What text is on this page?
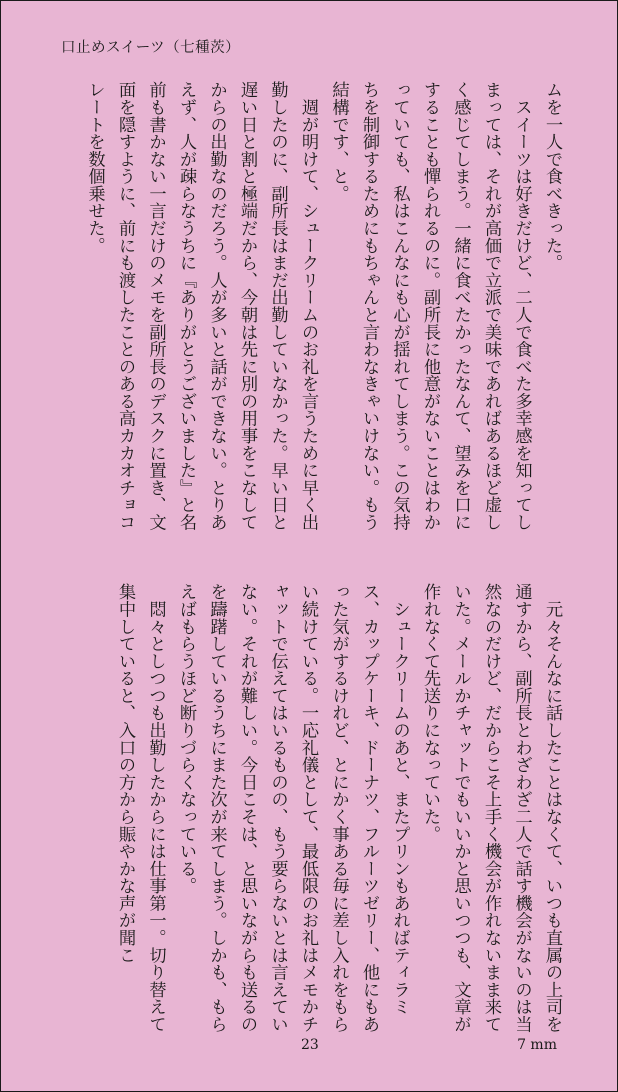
口止めスイーツ（七種茨）

ムを一人で食べきった。

　スイーツは好きだけど、二人で食べた多幸感を知ってしまっては、それが高価で立派で美味であればあるほど虚しく感じてしまう。一緒に食べたかったなんて、望みを口にすることも憚られるのに。副所長に他意がないことはわかっていても、私はこんなにも心が揺れてしまう。この気持ちを制御するためにもちゃんと言わなきゃいけない。もう結構です、と。

　週が明けて、シュークリームのお礼を言うために早く出勤したのに、副所長はまだ出勤していなかった。早い日と遅い日と割と極端だから、今朝は先に別の用事をこなしてからの出勤なのだろう。人が多いと話ができない。とりあえず、人が疎らなうちに『ありがとうございました』と名前も書かない一言だけのメモを副所長のデスクに置き、文面を隠すように、前にも渡したことのある高カカオチョコレートを数個乗せた。

　元々そんなに話したことはなくて、いつも直属の上司を通すから、副所長とわざわざ二人で話す機会がないのは当然なのだけど、だからこそ上手く機会が作れないまま来ていた。メールかチャットでもいいかと思いつつも、文章が作れなくて先送りになっていた。

　シュークリームのあと、またプリンもあればティラミス、カップケーキ、ドーナツ、フルーツゼリー、他にもあった気がするけれど、とにかく事ある毎に差し入れをもらい続けている。一応礼儀として、最低限のお礼はメモかチャットで伝えてはいるものの、もう要らないとは言えていない。それが難しい。今日こそは、と思いながらも送るのを躊躇しているうちにまた次が来てしまう。しかも、もらえばもらうほど断りづらくなっている。

　悶々としつつも出勤したからには仕事第一。切り替えて集中していると、入口の方から賑やかな声が聞こ

23	7 mm
